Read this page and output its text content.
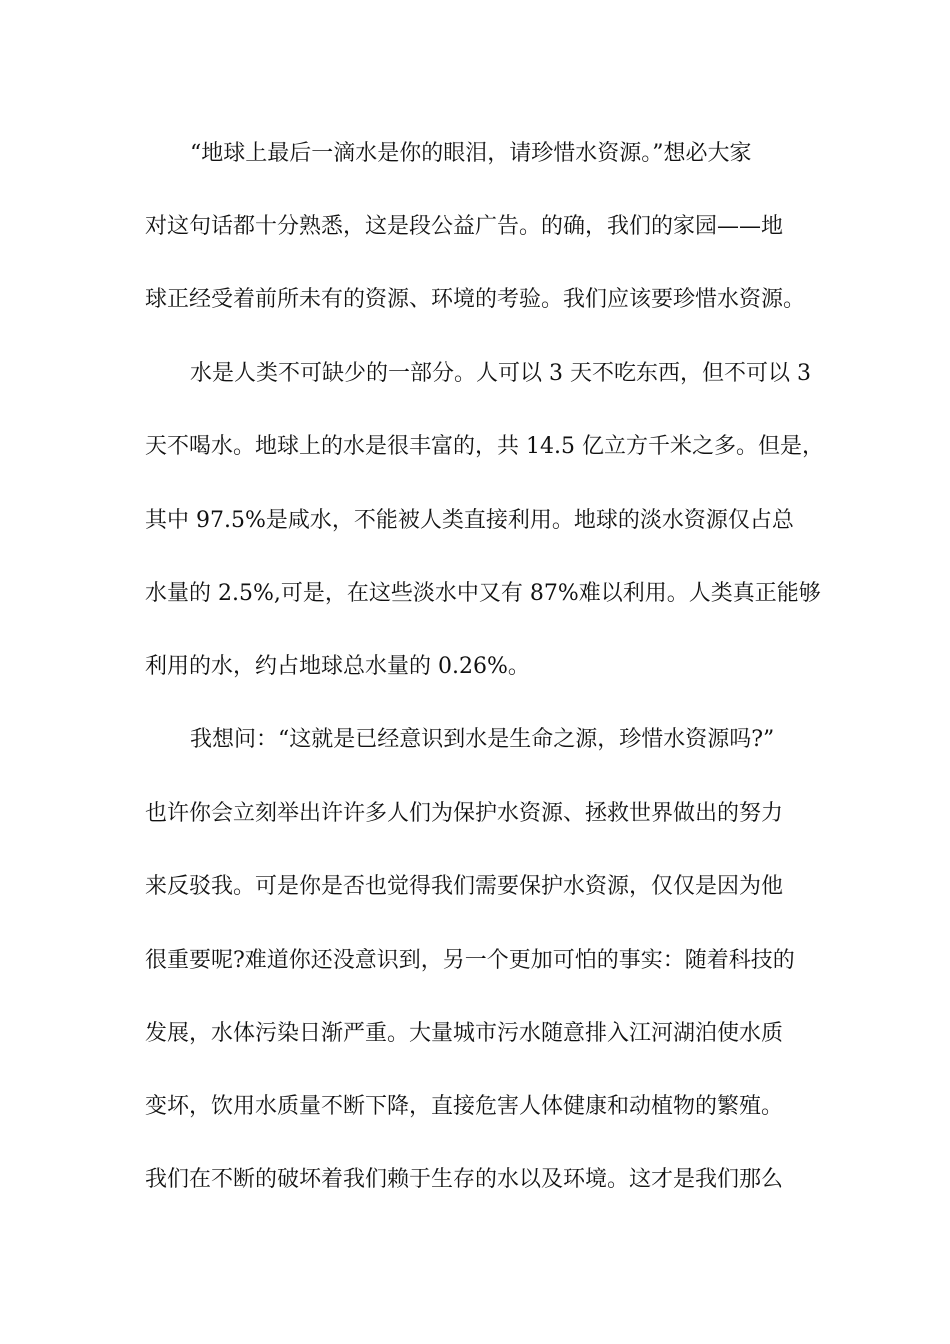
“地球上最后一滴水是你的眼泪，请珍惜水资源。”想必大家
对这句话都十分熟悉，这是段公益广告。的确，我们的家园——地
球正经受着前所未有的资源、环境的考验。我们应该要珍惜水资源。
水是人类不可缺少的一部分。人可以 3 天不吃东西，但不可以 3
天不喝水。地球上的水是很丰富的，共 14.5 亿立方千米之多。但是，
其中 97.5%是咸水，不能被人类直接利用。地球的淡水资源仅占总
水量的 2.5%,可是，在这些淡水中又有 87%难以利用。人类真正能够
利用的水，约占地球总水量的 0.26%。
我想问：“这就是已经意识到水是生命之源，珍惜水资源吗?”
也许你会立刻举出许许多人们为保护水资源、拯救世界做出的努力
来反驳我。可是你是否也觉得我们需要保护水资源，仅仅是因为他
很重要呢?难道你还没意识到，另一个更加可怕的事实：随着科技的
发展，水体污染日渐严重。大量城市污水随意排入江河湖泊使水质
变坏，饮用水质量不断下降，直接危害人体健康和动植物的繁殖。
我们在不断的破坏着我们赖于生存的水以及环境。这才是我们那么
